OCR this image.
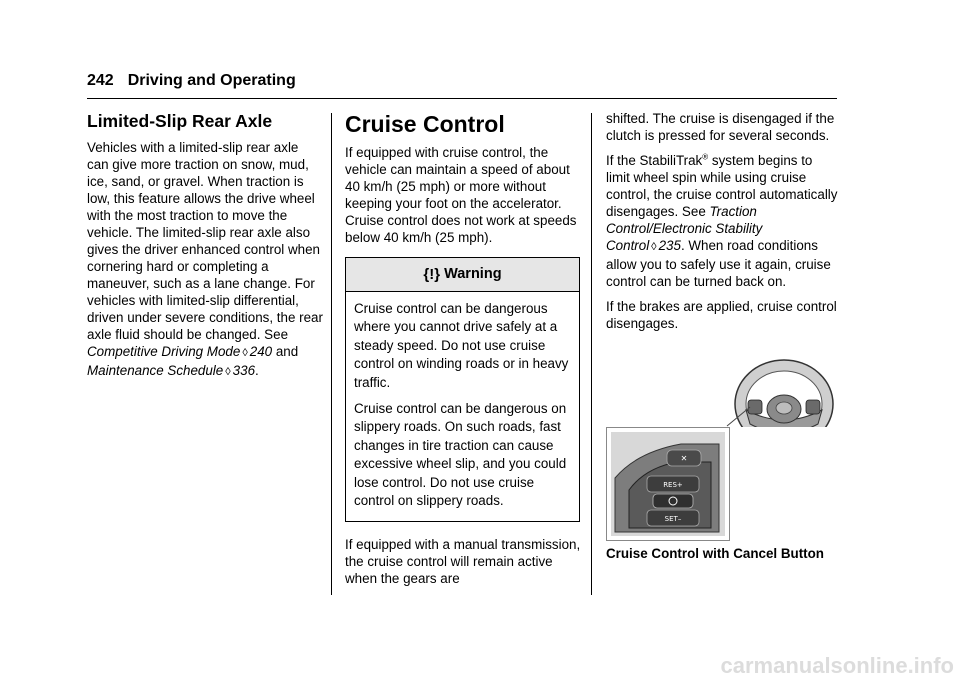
242 Driving and Operating
Limited-Slip Rear Axle

Vehicles with a limited-slip rear axle can give more traction on snow, mud, ice, sand, or gravel. When traction is low, this feature allows the drive wheel with the most traction to move the vehicle. The limited-slip rear axle also gives the driver enhanced control when cornering hard or completing a maneuver, such as a lane change. For vehicles with limited-slip differential, driven under severe conditions, the rear axle fluid should be changed. See Competitive Driving Mode ◊ 240 and Maintenance Schedule ◊ 336.

Cruise Control

If equipped with cruise control, the vehicle can maintain a speed of about 40 km/h (25 mph) or more without keeping your foot on the accelerator. Cruise control does not work at speeds below 40 km/h (25 mph).

{!} Warning

Cruise control can be dangerous where you cannot drive safely at a steady speed. Do not use cruise control on winding roads or in heavy traffic.

Cruise control can be dangerous on slippery roads. On such roads, fast changes in tire traction can cause excessive wheel slip, and you could lose control. Do not use cruise control on slippery roads.

If equipped with a manual transmission, the cruise control will remain active when the gears are

shifted. The cruise is disengaged if the clutch is pressed for several seconds.

If the StabiliTrak® system begins to limit wheel spin while using cruise control, the cruise control automatically disengages. See Traction Control/Electronic Stability Control ◊ 235. When road conditions allow you to safely use it again, cruise control can be turned back on.

If the brakes are applied, cruise control disengages.

✕
RES+
SET–
Cruise Control with Cancel Button
carmanualsonline.info
